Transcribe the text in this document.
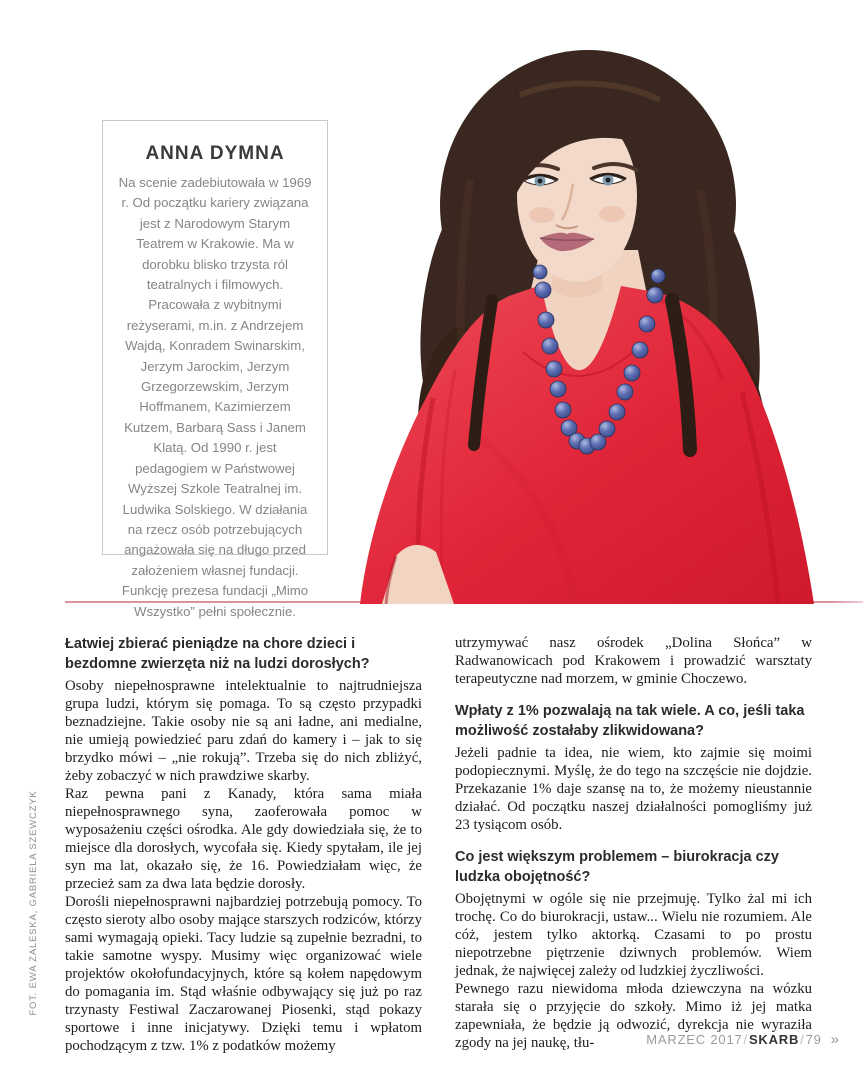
ANNA DYMNA

Na scenie zadebiutowała w 1969 r. Od początku kariery związana jest z Narodowym Starym Teatrem w Krakowie. Ma w dorobku blisko trzysta ról teatralnych i filmowych. Pracowała z wybitnymi reżyserami, m.in. z Andrzejem Wajdą, Konradem Swinarskim, Jerzym Jarockim, Jerzym Grzegorzewskim, Jerzym Hoffmanem, Kazimierzem Kutzem, Barbarą Sass i Janem Klatą. Od 1990 r. jest pedagogiem w Państwowej Wyższej Szkole Teatralnej im. Ludwika Solskiego. W działania na rzecz osób potrzebujących angażowała się na długo przed założeniem własnej fundacji. Funkcję prezesa fundacji „Mimo Wszystko” pełni społecznie.

Łatwiej zbierać pieniądze na chore dzieci i bezdomne zwierzęta niż na ludzi dorosłych?

Osoby niepełnosprawne intelektualnie to najtrudniejsza grupa ludzi, którym się pomaga. To są często przypadki beznadziejne. Takie osoby nie są ani ładne, ani medialne, nie umieją powiedzieć paru zdań do kamery i – jak to się brzydko mówi – „nie rokują”. Trzeba się do nich zbliżyć, żeby zobaczyć w nich prawdziwe skarby.

Raz pewna pani z Kanady, która sama miała niepełnosprawnego syna, zaoferowała pomoc w wyposażeniu części ośrodka. Ale gdy dowiedziała się, że to miejsce dla dorosłych, wycofała się. Kiedy spytałam, ile jej syn ma lat, okazało się, że 16. Powiedziałam więc, że przecież sam za dwa lata będzie dorosły.

Dorośli niepełnosprawni najbardziej potrzebują pomocy. To często sieroty albo osoby mające starszych rodziców, którzy sami wymagają opieki. Tacy ludzie są zupełnie bezradni, to takie samotne wyspy. Musimy więc organizować wiele projektów okołofundacyjnych, które są kołem napędowym do pomagania im. Stąd właśnie odbywający się już po raz trzynasty Festiwal Zaczarowanej Piosenki, stąd pokazy sportowe i inne inicjatywy. Dzięki temu i wpłatom pochodzącym z tzw. 1% z podatków możemy

utrzymywać nasz ośrodek „Dolina Słońca” w Radwanowicach pod Krakowem i prowadzić warsztaty terapeutyczne nad morzem, w gminie Choczewo.

Wpłaty z 1% pozwalają na tak wiele. A co, jeśli taka możliwość zostałaby zlikwidowana?

Jeżeli padnie ta idea, nie wiem, kto zajmie się moimi podopiecznymi. Myślę, że do tego na szczęście nie dojdzie. Przekazanie 1% daje szansę na to, że możemy nieustannie działać. Od początku naszej działalności pomogliśmy już 23 tysiącom osób.

Co jest większym problemem – biurokracja czy ludzka obojętność?

Obojętnymi w ogóle się nie przejmuję. Tylko żal mi ich trochę. Co do biurokracji, ustaw... Wielu nie rozumiem. Ale cóż, jestem tylko aktorką. Czasami to po prostu niepotrzebne piętrzenie dziwnych problemów. Wiem jednak, że najwięcej zależy od ludzkiej życzliwości.

Pewnego razu niewidoma młoda dziewczyna na wózku starała się o przyjęcie do szkoły. Mimo iż jej matka zapewniała, że będzie ją odwozić, dyrekcja nie wyraziła zgody na jej naukę, tłu-

FOT. EWA ZALESKA, GABRIELA SZEWCZYK
MARZEC 2017 / SKARB / 79 »
